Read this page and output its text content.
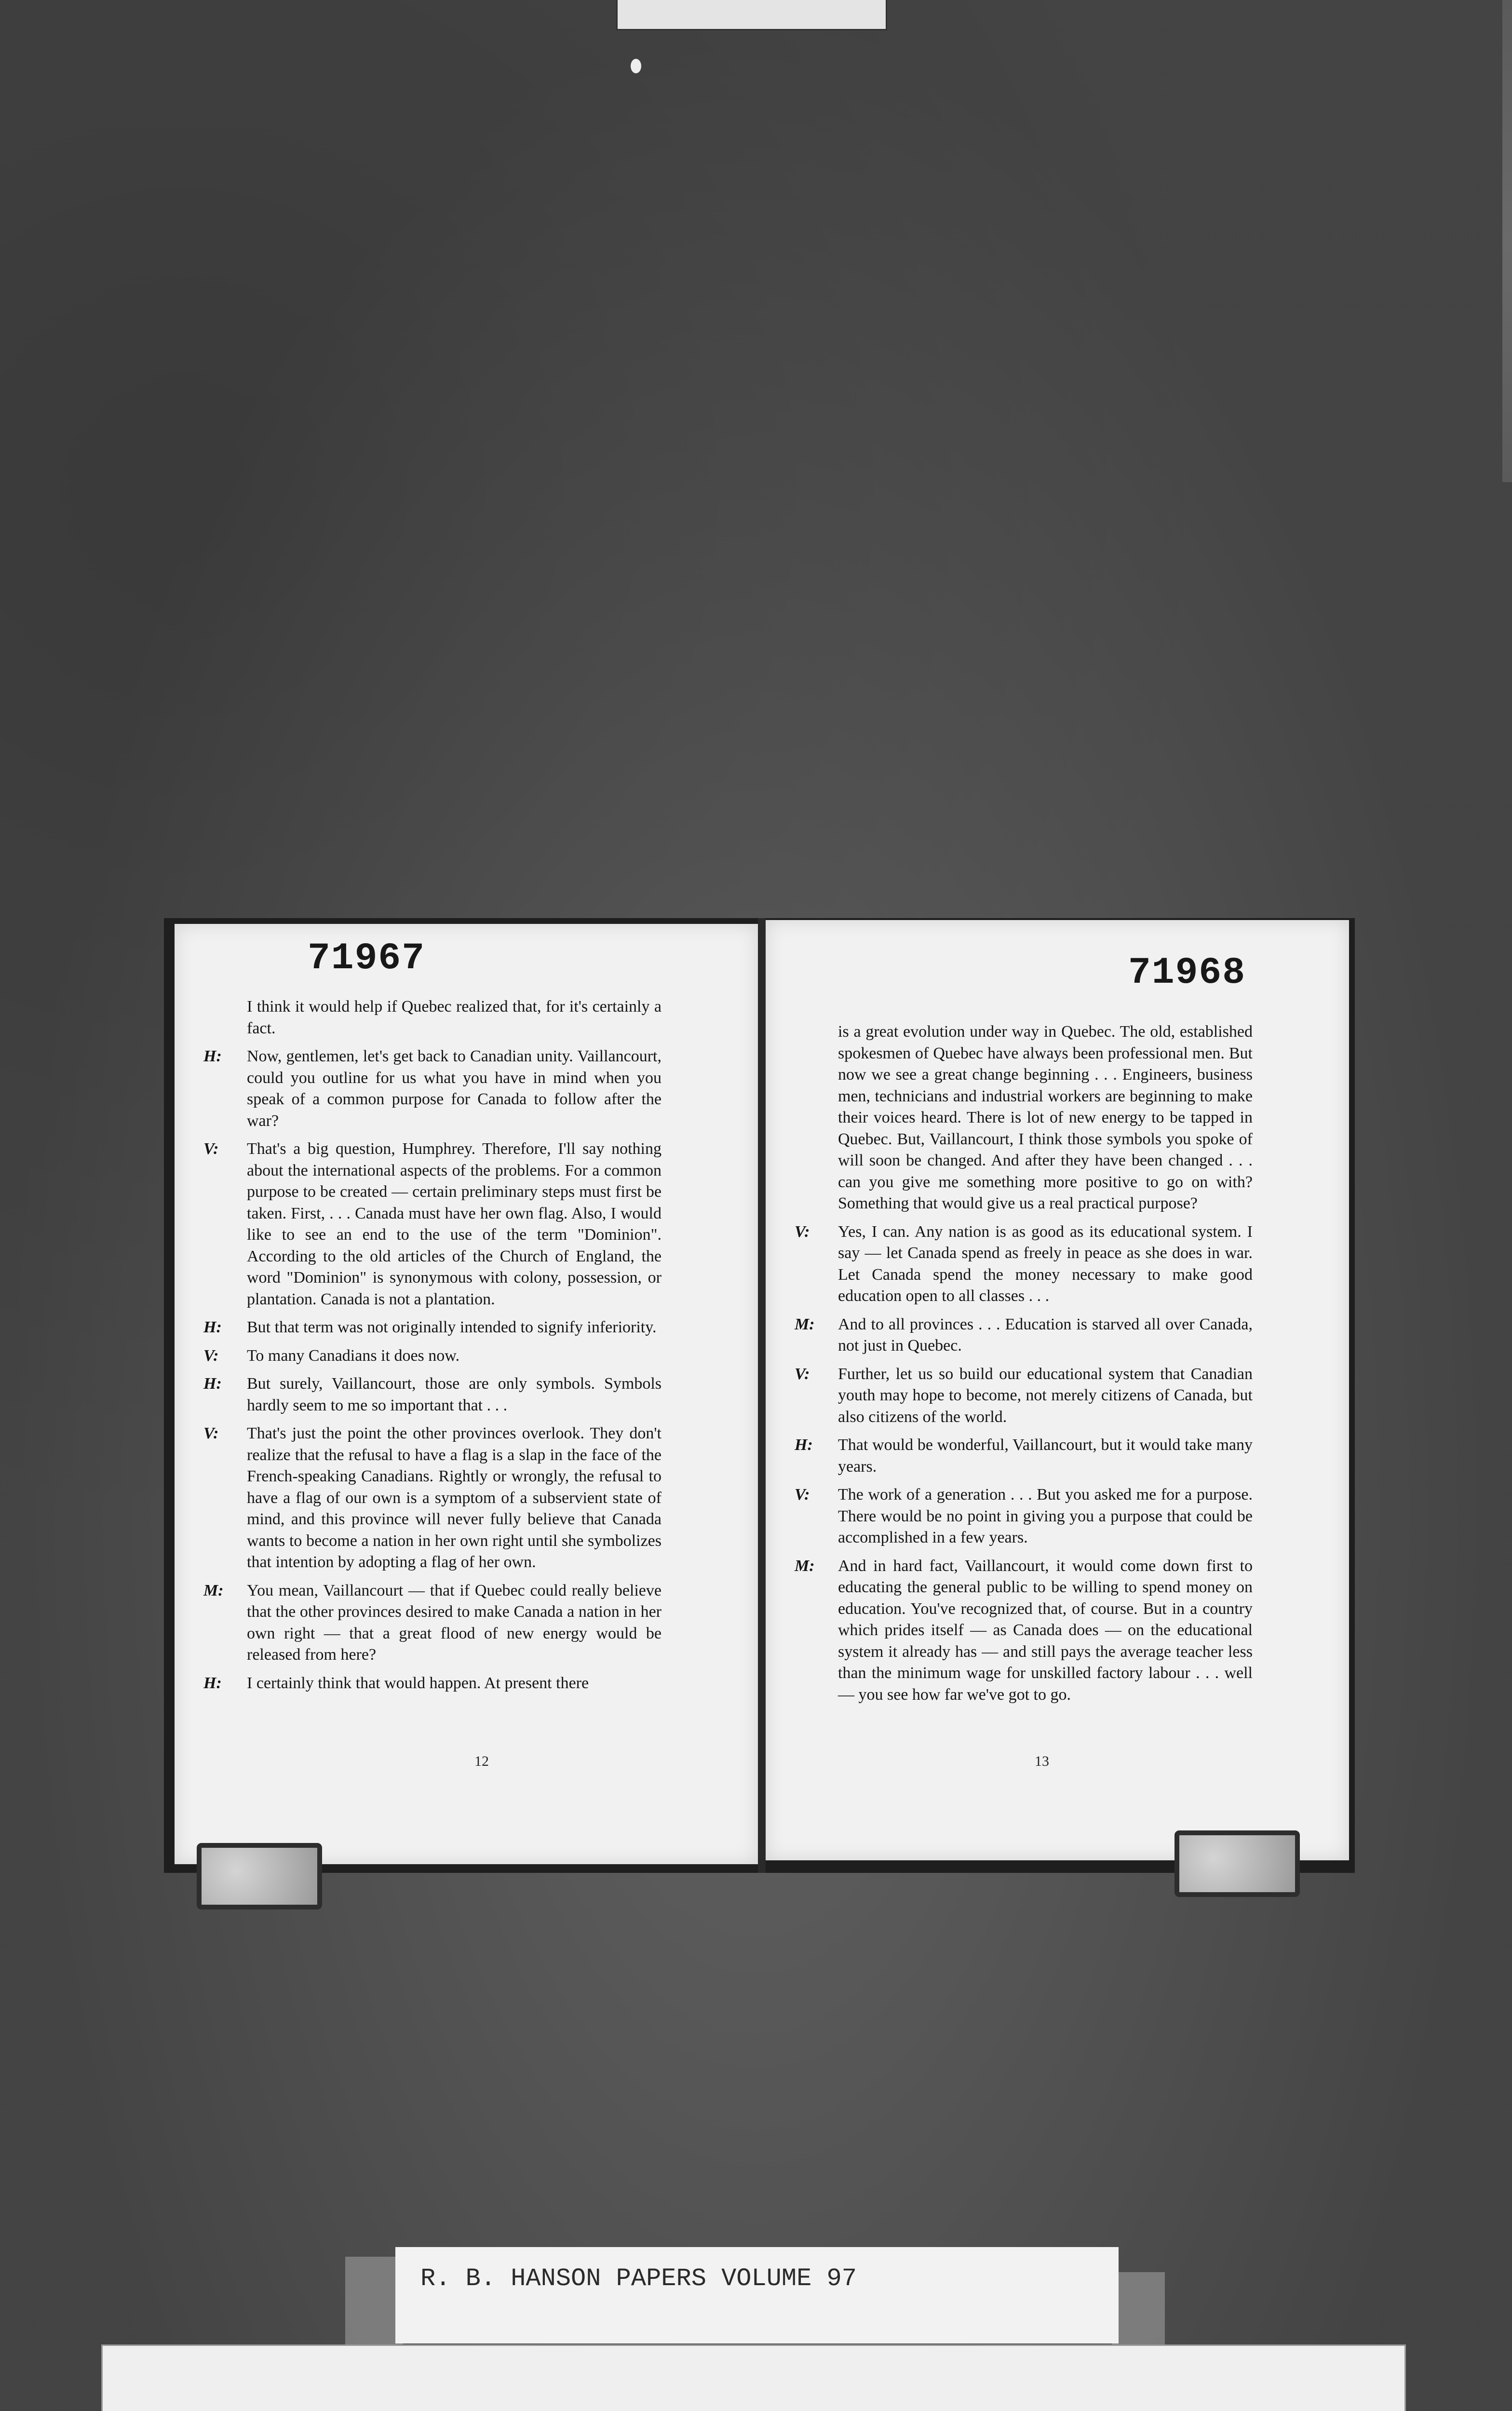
71967
I think it would help if Quebec realized that, for it's certainly a fact.
H:	Now, gentlemen, let's get back to Canadian unity. Vaillancourt, could you outline for us what you have in mind when you speak of a common purpose for Canada to follow after the war?
V:	That's a big question, Humphrey. Therefore, I'll say nothing about the international aspects of the problems. For a common purpose to be created — certain preliminary steps must first be taken. First, . . . Canada must have her own flag. Also, I would like to see an end to the use of the term "Dominion". According to the old articles of the Church of England, the word "Dominion" is synonymous with colony, possession, or plantation. Canada is not a plantation.
H:	But that term was not originally intended to signify inferiority.
V:	To many Canadians it does now.
H:	But surely, Vaillancourt, those are only symbols. Symbols hardly seem to me so important that . . .
V:	That's just the point the other provinces overlook. They don't realize that the refusal to have a flag is a slap in the face of the French-speaking Canadians. Rightly or wrongly, the refusal to have a flag of our own is a symptom of a subservient state of mind, and this province will never fully believe that Canada wants to become a nation in her own right until she symbolizes that intention by adopting a flag of her own.
M:	You mean, Vaillancourt — that if Quebec could really believe that the other provinces desired to make Canada a nation in her own right — that a great flood of new energy would be released from here?
H:	I certainly think that would happen. At present there
12
71968
is a great evolution under way in Quebec. The old, established spokesmen of Quebec have always been professional men. But now we see a great change beginning . . . Engineers, business men, technicians and industrial workers are beginning to make their voices heard. There is lot of new energy to be tapped in Quebec. But, Vaillancourt, I think those symbols you spoke of will soon be changed. And after they have been changed . . . can you give me something more positive to go on with? Something that would give us a real practical purpose?
V:	Yes, I can. Any nation is as good as its educational system. I say — let Canada spend as freely in peace as she does in war. Let Canada spend the money necessary to make good education open to all classes . . .
M:	And to all provinces . . . Education is starved all over Canada, not just in Quebec.
V:	Further, let us so build our educational system that Canadian youth may hope to become, not merely citizens of Canada, but also citizens of the world.
H:	That would be wonderful, Vaillancourt, but it would take many years.
V:	The work of a generation . . . But you asked me for a purpose. There would be no point in giving you a purpose that could be accomplished in a few years.
M:	And in hard fact, Vaillancourt, it would come down first to educating the general public to be willing to spend money on education. You've recognized that, of course. But in a country which prides itself — as Canada does — on the educational system it already has — and still pays the average teacher less than the minimum wage for unskilled factory labour . . . well — you see how far we've got to go.
13
R. B. HANSON PAPERS VOLUME 97
